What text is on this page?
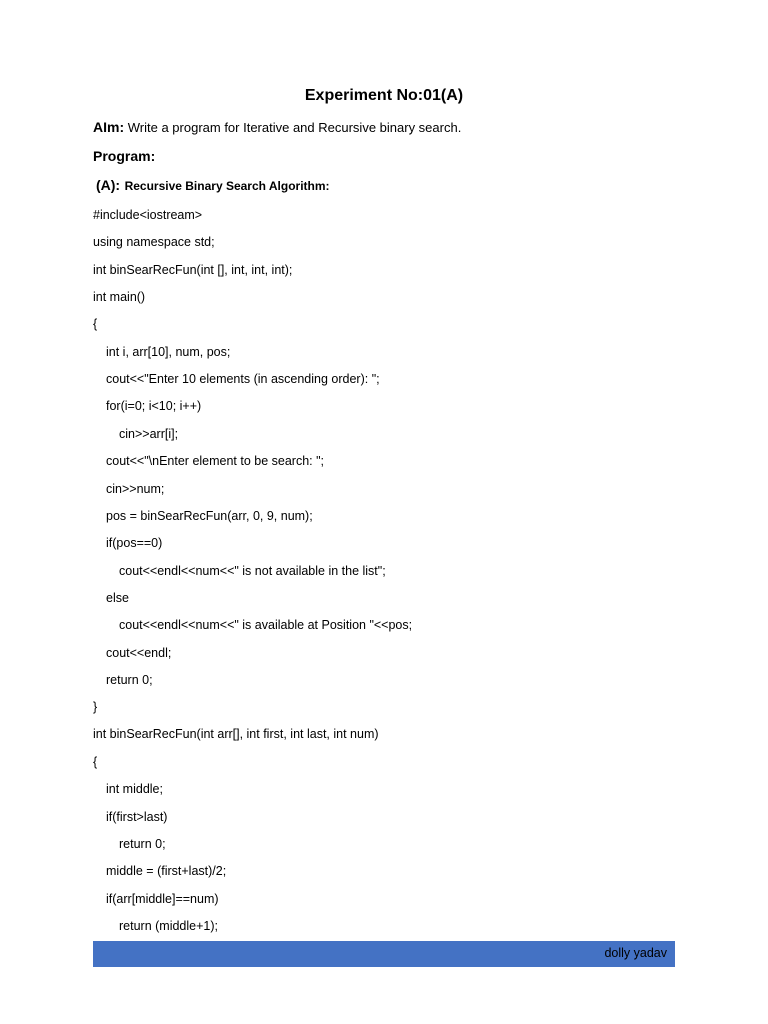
Experiment No:01(A)
AIm: Write a program for Iterative and Recursive binary search.
Program:
(A): Recursive Binary Search Algorithm:
#include<iostream>
using namespace std;
int binSearRecFun(int [], int, int, int);
int main()
{
int i, arr[10], num, pos;
cout<<"Enter 10 elements (in ascending order): ";
for(i=0; i<10; i++)
cin>>arr[i];
cout<<"\nEnter element to be search: ";
cin>>num;
pos = binSearRecFun(arr, 0, 9, num);
if(pos==0)
cout<<endl<<num<<" is not available in the list";
else
cout<<endl<<num<<" is available at Position "<<pos;
cout<<endl;
return 0;
}
int binSearRecFun(int arr[], int first, int last, int num)
{
int middle;
if(first>last)
return 0;
middle = (first+last)/2;
if(arr[middle]==num)
return (middle+1);
dolly yadav
